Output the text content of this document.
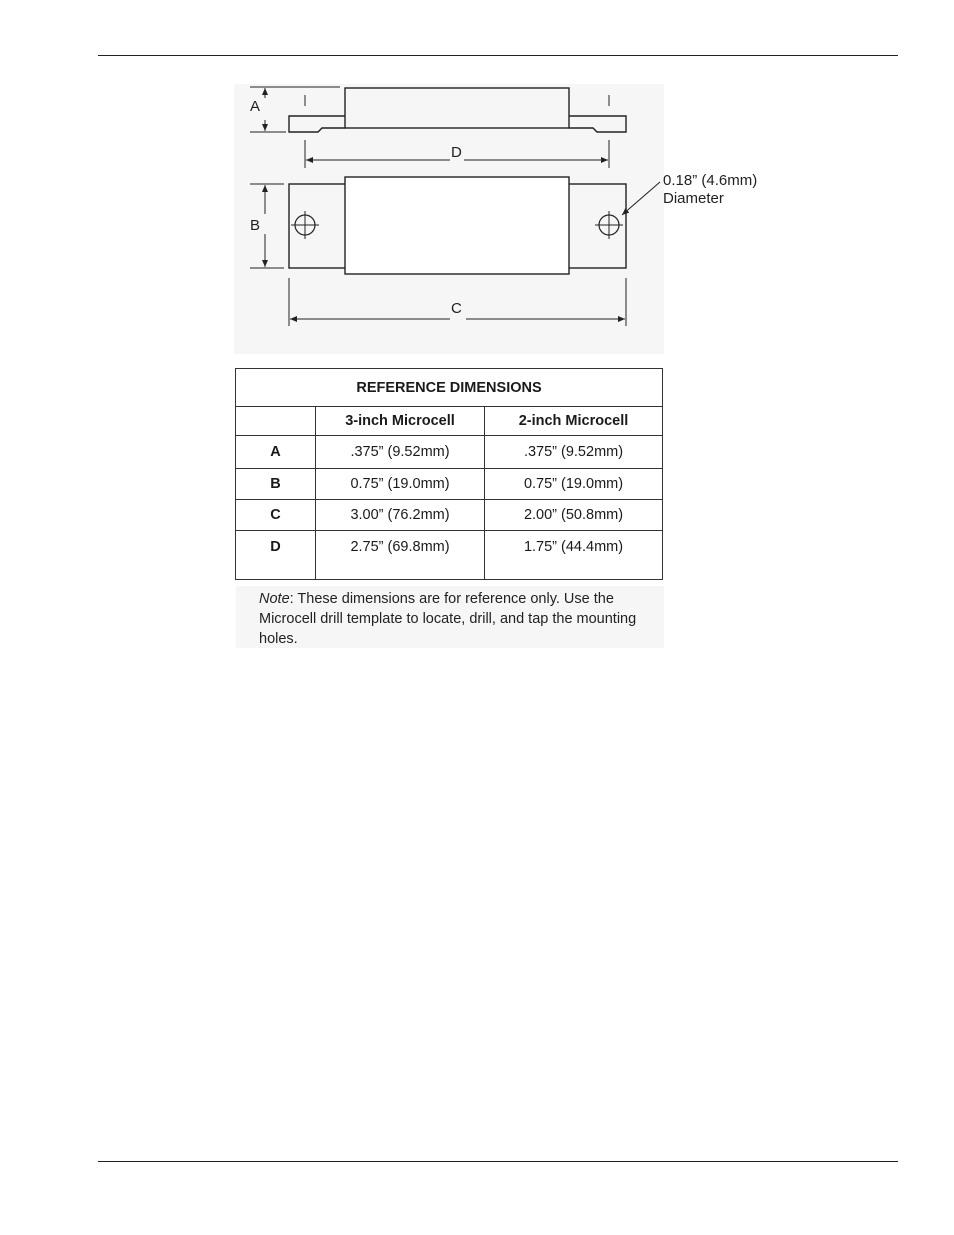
A
D
B
C
0.18” (4.6mm)
Diameter
REFERENCE DIMENSIONS		
	3-inch Microcell	2-inch Microcell
A	.375” (9.52mm)	.375” (9.52mm)
B	0.75” (19.0mm)	0.75” (19.0mm)
C	3.00” (76.2mm)	2.00” (50.8mm)
D	2.75” (69.8mm)	1.75” (44.4mm)

Note: These dimensions are for reference only. Use the Microcell drill template to locate, drill, and tap the mounting holes.
